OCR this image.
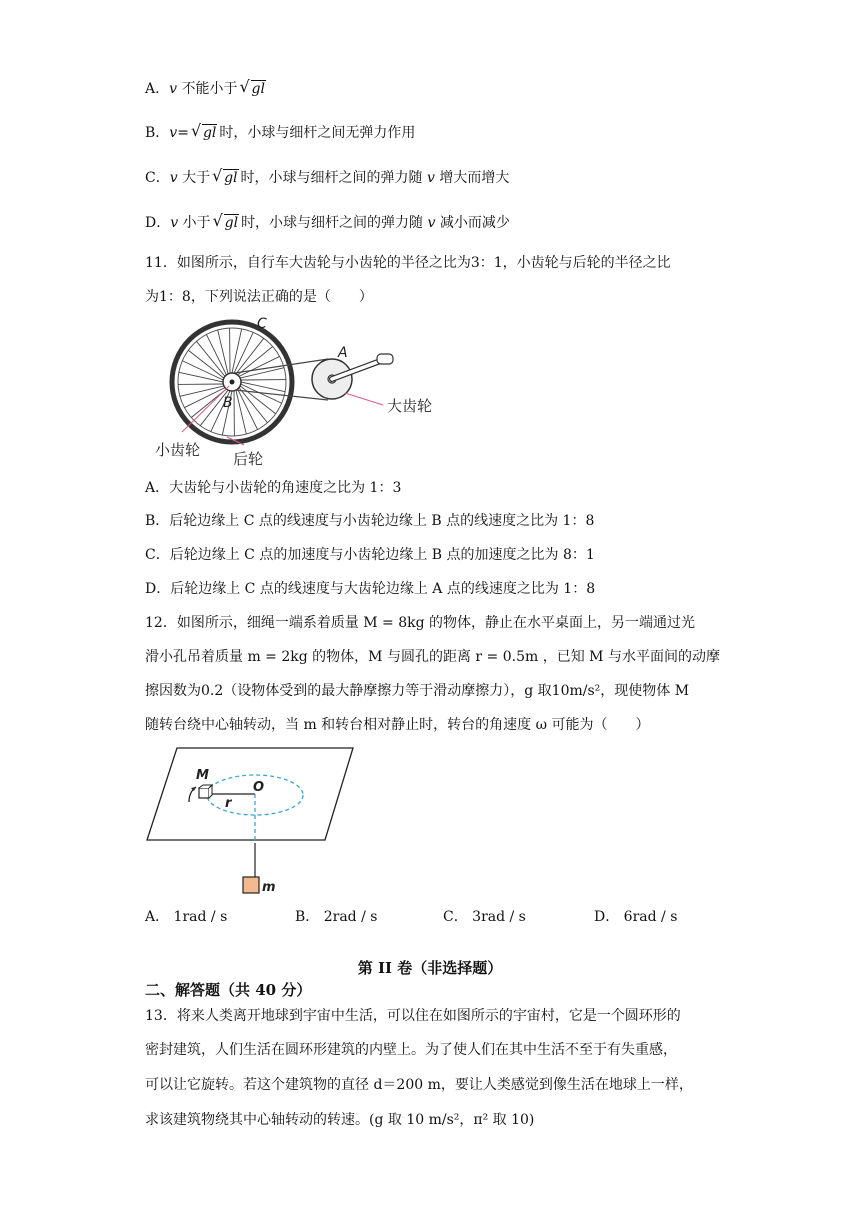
A．v 不能小于 √ gl
B．v= √ gl 时，小球与细杆之间无弹力作用
C．v 大于 √ gl 时，小球与细杆之间的弹力随 v 增大而增大
D．v 小于 √ gl 时，小球与细杆之间的弹力随 v 减小而减少
11．如图所示，自行车大齿轮与小齿轮的半径之比为3：1，小齿轮与后轮的半径之比
为1：8，下列说法正确的是（　　）
C
A
B	大齿轮
小齿轮 后轮
A．大齿轮与小齿轮的角速度之比为 1：3
B．后轮边缘上 C 点的线速度与小齿轮边缘上 B 点的线速度之比为 1：8
C．后轮边缘上 C 点的加速度与小齿轮边缘上 B 点的加速度之比为 8：1
D．后轮边缘上 C 点的线速度与大齿轮边缘上 A 点的线速度之比为 1：8
12．如图所示，细绳一端系着质量 M = 8kg 的物体，静止在水平桌面上，另一端通过光
滑小孔吊着质量 m = 2kg 的物体，M 与圆孔的距离 r = 0.5m ，已知 M 与水平面间的动摩
擦因数为0.2（设物体受到的最大静摩擦力等于滑动摩擦力），g 取10m/s²，现使物体 M
随转台绕中心轴转动，当 m 和转台相对静止时，转台的角速度 ω 可能为（　　）
M
O
r
m
A． 1rad / s	B． 2rad / s	C． 3rad / s	D． 6rad / s
第 II 卷（非选择题）
二、解答题（共 40 分）
13．将来人类离开地球到宇宙中生活，可以住在如图所示的宇宙村，它是一个圆环形的
密封建筑，人们生活在圆环形建筑的内壁上。为了使人们在其中生活不至于有失重感，
可以让它旋转。若这个建筑物的直径 d＝200 m，要让人类感觉到像生活在地球上一样，
求该建筑物绕其中心轴转动的转速。(g 取 10 m/s²，π² 取 10)
